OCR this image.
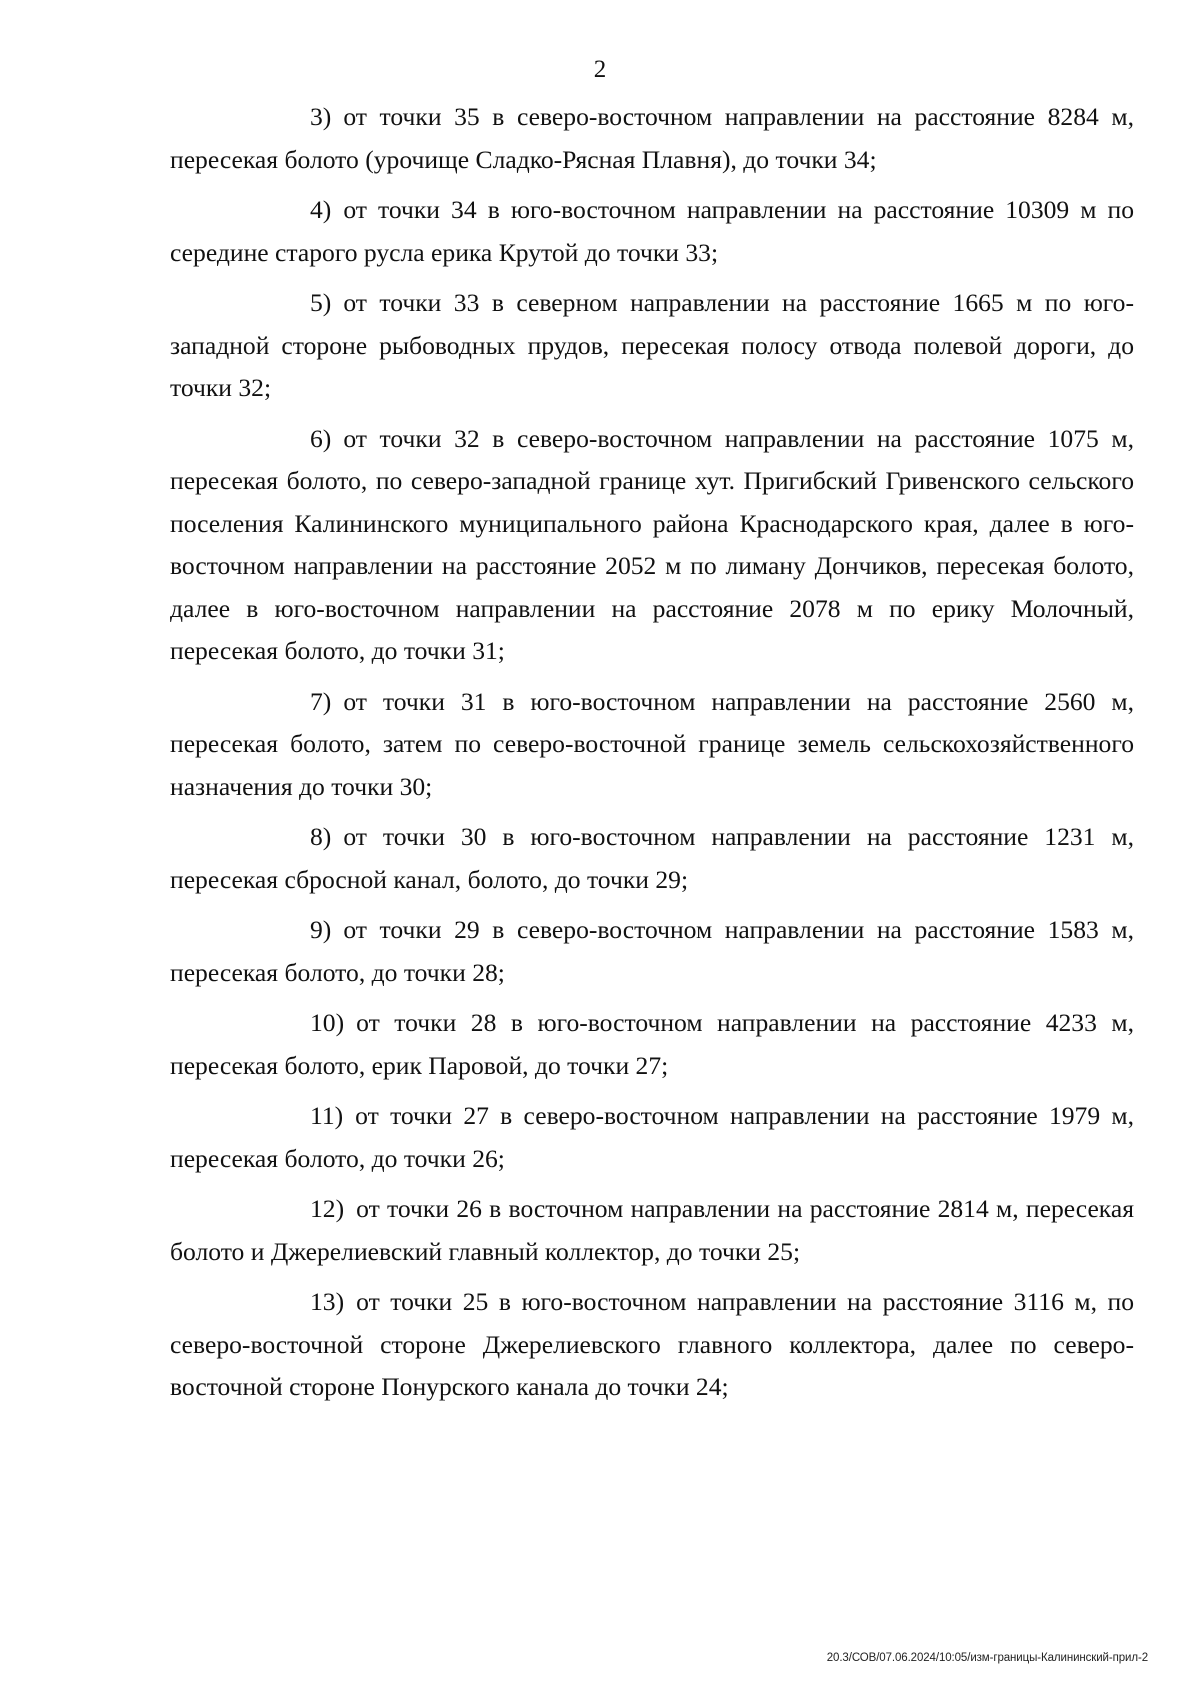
2

3) от точки 35 в северо-восточном направлении на расстояние 8284 м, пересекая болото (урочище Сладко-Рясная Плавня), до точки 34;

4) от точки 34 в юго-восточном направлении на расстояние 10309 м по середине старого русла ерика Крутой до точки 33;

5) от точки 33 в северном направлении на расстояние 1665 м по юго-западной стороне рыбоводных прудов, пересекая полосу отвода полевой дороги, до точки 32;

6) от точки 32 в северо-восточном направлении на расстояние 1075 м, пересекая болото, по северо-западной границе хут. Пригибский Гривенского сельского поселения Калининского муниципального района Краснодарского края, далее в юго-восточном направлении на расстояние 2052 м по лиману Дончиков, пересекая болото, далее в юго-восточном направлении на расстояние 2078 м по ерику Молочный, пересекая болото, до точки 31;

7) от точки 31 в юго-восточном направлении на расстояние 2560 м, пересекая болото, затем по северо-восточной границе земель сельскохозяйственного назначения до точки 30;

8) от точки 30 в юго-восточном направлении на расстояние 1231 м, пересекая сбросной канал, болото, до точки 29;

9) от точки 29 в северо-восточном направлении на расстояние 1583 м, пересекая болото, до точки 28;

10) от точки 28 в юго-восточном направлении на расстояние 4233 м, пересекая болото, ерик Паровой, до точки 27;

11) от точки 27 в северо-восточном направлении на расстояние 1979 м, пересекая болото, до точки 26;

12) от точки 26 в восточном направлении на расстояние 2814 м, пересекая болото и Джерелиевский главный коллектор, до точки 25;

13) от точки 25 в юго-восточном направлении на расстояние 3116 м, по северо-восточной стороне Джерелиевского главного коллектора, далее по северо-восточной стороне Понурского канала до точки 24;

20.3/СОВ/07.06.2024/10:05/изм-границы-Калининский-прил-2
